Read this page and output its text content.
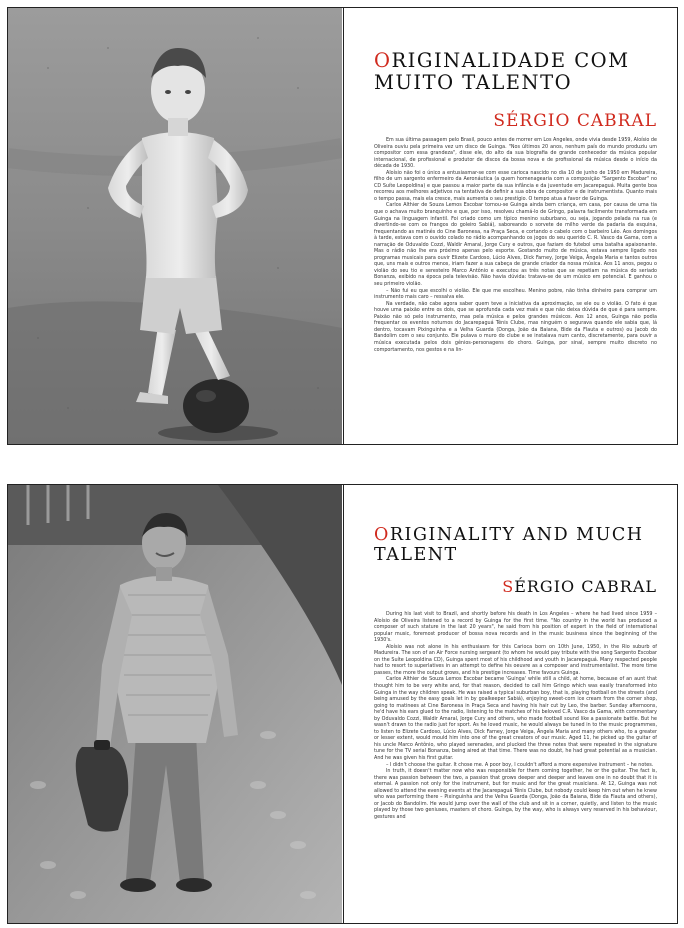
ORIGINALIDADE COM
MUITO TALENTO
SÉRGIO CABRAL

Em sua última passagem pelo Brasil, pouco antes de morrer em Los Angeles, onde vivia desde 1959, Aloísio de Oliveira ouviu pela primeira vez um disco de Guinga. "Nos últimos 20 anos, nenhum país do mundo produziu um compositor com essa grandeza", disse ele, do alto da sua biografia de grande conhecedor da música popular internacional, de profissional e produtor de discos da bossa nova e de profissional da música desde o início da década de 1930.

Aloísio não foi o único a entusiasmar-se com esse carioca nascido no dia 10 de junho de 1950 em Madureira, filho de um sargento enfermeiro da Aeronáutica (a quem homenagearia com a composição "Sargento Escobar" no CD Suíte Leopoldina) e que passou a maior parte da sua infância e da juventude em Jacarepaguá. Muita gente boa recorreu aos melhores adjetivos na tentativa de definir a sua obra de compositor e de instrumentista. Quanto mais o tempo passa, mais ela cresce, mais aumenta o seu prestígio. O tempo atua a favor de Guinga.

Carlos Althier de Souza Lemos Escobar tornou-se Guinga ainda bem criança, em casa, por causa de uma tia que o achava muito branquinho e que, por isso, resolveu chamá-lo de Gringo, palavra facilmente transformada em Guinga na linguagem infantil. Foi criado como um típico menino suburbano, ou seja, jogando pelada na rua (e divertindo-se com os frangos do goleiro Sabiá), saboreando o sorvete de milho verde da padaria da esquina, frequentando as matinês do Cine Baronesa, na Praça Seca, e cortando o cabelo com o barbeiro Léo. Aos domingos à tarde, estava com o ouvido colado no rádio acompanhando os jogos do seu querido C. R. Vasco da Gama, com a narração de Oduvaldo Cozzi, Waldir Amaral, Jorge Cury e outros, que faziam do futebol uma batalha apaixonante. Mas o rádio não lhe era próximo apenas pelo esporte. Gostando muito de música, estava sempre ligado nos programas musicais para ouvir Elizete Cardoso, Lúcio Alves, Dick Farney, Jorge Veiga, Ângela Maria e tantos outros que, uns mais e outros menos, iriam fazer a sua cabeça de grande criador da nossa música. Aos 11 anos, pegou o violão do seu tio e seresteiro Marco Antônio e executou as três notas que se repetiam na música do seriado Bonanza, exibido na época pela televisão. Não havia dúvida: tratava-se de um músico em potencial. E ganhou o seu primeiro violão.

– Não fui eu que escolhi o violão. Ele que me escolheu. Menino pobre, não tinha dinheiro para comprar um instrumento mais caro – ressalva ele.

Na verdade, não cabe agora saber quem teve a iniciativa da aproximação, se ele ou o violão. O fato é que houve uma paixão entre os dois, que se aprofunda cada vez mais e que não deixa dúvida de que é para sempre. Paixão não só pelo instrumento, mas pela música e pelos grandes músicos. Aos 12 anos, Guinga não podia frequentar os eventos noturnos do Jacarepaguá Tênis Clube, mas ninguém o segurava quando ele sabia que, lá dentro, tocavam Pixinguinha e a Velha Guarda (Donga, João da Baiana, Bide da Flauta e outros) ou Jacob do Bandolim com o seu conjunto. Ele pulava o muro do clube e se instalava num canto, discretamente, para ouvir a música executada pelos dois gênios-personagens do choro. Guinga, por sinal, sempre muito discreto no comportamento, nos gestos e na lin-

ORIGINALITY AND MUCH
TALENT
SÉRGIO CABRAL

During his last visit to Brazil, and shortly before his death in Los Angeles – where he had lived since 1959 – Aloísio de Oliveira listened to a record by Guinga for the first time. "No country in the world has produced a composer of such stature in the last 20 years", he said from his position of expert in the field of international popular music, foremost producer of bossa nova records and in the music business since the beginning of the 1930's.

Aloísio was not alone in his enthusiasm for this Carioca born on 10th June, 1950, in the Rio suburb of Madureira. The son of an Air Force nursing sergeant (to whom he would pay tribute with the song Sargento Escobar on the Suíte Leopoldina CD), Guinga spent most of his childhood and youth in Jacarepaguá. Many respected people had to resort to superlatives in an attempt to define his oeuvre as a composer and instrumentalist. The more time passes, the more the output grows, and his prestige increases. Time favours Guinga.

Carlos Althier de Souza Lemos Escobar became 'Guinga' while still a child, at home, because of an aunt that thought him to be very white and, for that reason, decided to call him Gringo which was easily transformed into Guinga in the way children speak. He was raised a typical suburban boy, that is, playing football on the streets (and being amused by the easy goals let in by goalkeeper Sabiá), enjoying sweet-corn ice cream from the corner shop, going to matinees at Cine Baronesa in Praça Seca and having his hair cut by Leo, the barber. Sunday afternoons, he'd have his ears glued to the radio, listening to the matches of his beloved C.R. Vasco da Gama, with commentary by Oduvaldo Cozzi, Waldir Amaral, Jorge Cury and others, who made football sound like a passionate battle. But he wasn't drawn to the radio just for sport. As he loved music, he would always be tuned in to the music programmes, to listen to Elizete Cardoso, Lúcio Alves, Dick Farney, Jorge Veiga, Ângela Maria and many others who, to a greater or lesser extent, would mould him into one of the great creators of our music. Aged 11, he picked up the guitar of his uncle Marco Antônio, who played serenades, and plucked the three notes that were repeated in the signature tune for the TV serial Bonanza, being aired at that time. There was no doubt, he had great potential as a musician. And he was given his first guitar.

– I didn't choose the guitar. It chose me. A poor boy, I couldn't afford a more expensive instrument – he notes.

In truth, it doesn't matter now who was responsible for them coming together, he or the guitar. The fact is, there was passion between the two, a passion that grows deeper and deeper and leaves one in no doubt that it is eternal. A passion not only for the instrument, but for music and for the great musicians. At 12, Guinga was not allowed to attend the evening events at the Jacarepaguá Tênis Clube, but nobody could keep him out when he knew who was performing there – Pixinguinha and the Velha Guarda (Donga, João da Baiana, Bide da Flauta and others), or Jacob do Bandolim. He would jump over the wall of the club and sit in a corner, quietly, and listen to the music played by those two geniuses, masters of choro. Guinga, by the way, who is always very reserved in his behaviour, gestures and
